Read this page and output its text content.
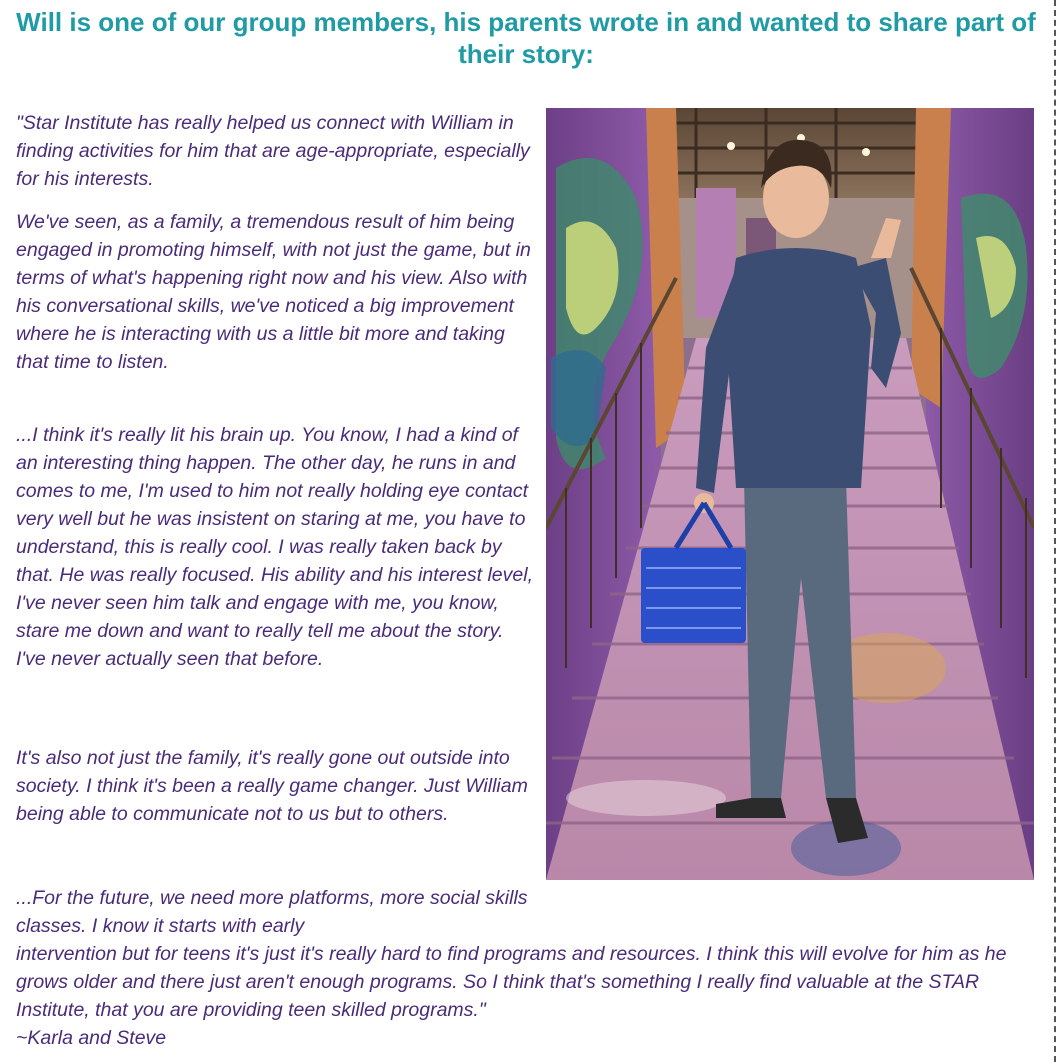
Will is one of our group members, his parents wrote in and wanted to share part of their story:

"Star Institute has really helped us connect with William in finding activities for him that are age-appropriate, especially for his interests.

We've seen, as a family, a tremendous result of him being engaged in promoting himself, with not just the game, but in terms of what's happening right now and his view. Also with his conversational skills, we've noticed a big improvement where he is interacting with us a little bit more and taking that time to listen.

...I think it's really lit his brain up. You know, I had a kind of an interesting thing happen. The other day, he runs in and comes to me, I'm used to him not really holding eye contact very well but he was insistent on staring at me, you have to understand, this is really cool. I was really taken back by that. He was really focused. His ability and his interest level, I've never seen him talk and engage with me, you know, stare me down and want to really tell me about the story. I've never actually seen that before.

It's also not just the family, it's really gone out outside into society. I think it's been a really game changer. Just William being able to communicate not to us but to others.

...For the future, we need more platforms, more social skills classes. I know it starts with early
intervention but for teens it's just it's really hard to find programs and resources. I think this will evolve for him as he grows older and there just aren't enough programs. So I think that's something I really find valuable at the STAR Institute, that you are providing teen skilled programs."
~Karla and Steve
